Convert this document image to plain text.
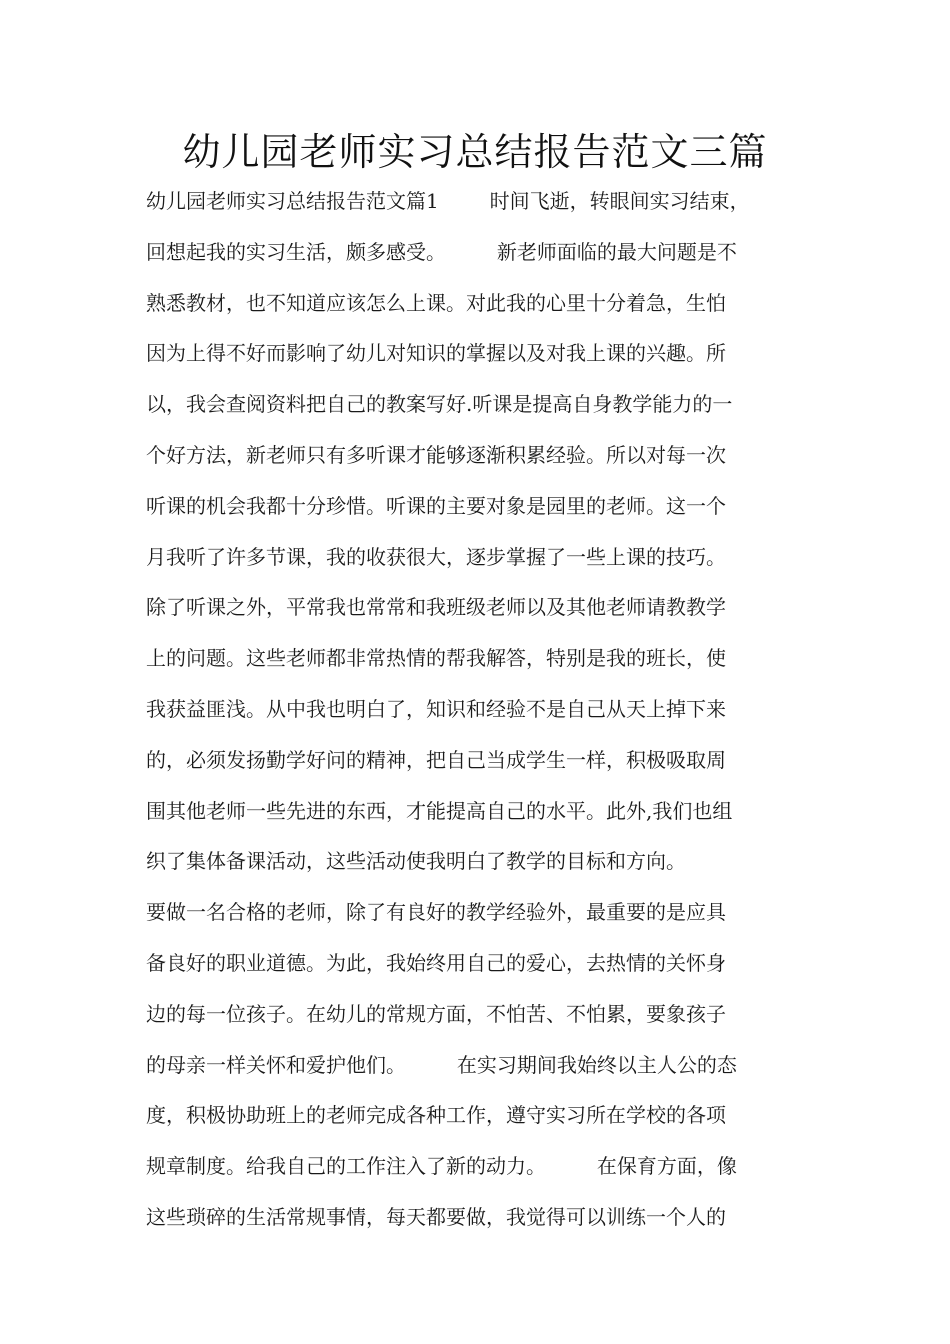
幼儿园老师实习总结报告范文三篇
幼儿园老师实习总结报告范文篇1        时间飞逝，转眼间实习结束，
回想起我的实习生活，颇多感受。        新老师面临的最大问题是不
熟悉教材，也不知道应该怎么上课。对此我的心里十分着急，生怕
因为上得不好而影响了幼儿对知识的掌握以及对我上课的兴趣。所
以，我会查阅资料把自己的教案写好.听课是提高自身教学能力的一
个好方法，新老师只有多听课才能够逐渐积累经验。所以对每一次
听课的机会我都十分珍惜。听课的主要对象是园里的老师。这一个
月我听了许多节课，我的收获很大，逐步掌握了一些上课的技巧。
除了听课之外，平常我也常常和我班级老师以及其他老师请教教学
上的问题。这些老师都非常热情的帮我解答，特别是我的班长，使
我获益匪浅。从中我也明白了，知识和经验不是自己从天上掉下来
的，必须发扬勤学好问的精神，把自己当成学生一样，积极吸取周
围其他老师一些先进的东西，才能提高自己的水平。此外,我们也组
织了集体备课活动，这些活动使我明白了教学的目标和方向。
要做一名合格的老师，除了有良好的教学经验外，最重要的是应具
备良好的职业道德。为此，我始终用自己的爱心，去热情的关怀身
边的每一位孩子。在幼儿的常规方面，不怕苦、不怕累，要象孩子
的母亲一样关怀和爱护他们。        在实习期间我始终以主人公的态
度，积极协助班上的老师完成各种工作，遵守实习所在学校的各项
规章制度。给我自己的工作注入了新的动力。        在保育方面，像
这些琐碎的生活常规事情，每天都要做，我觉得可以训练一个人的
